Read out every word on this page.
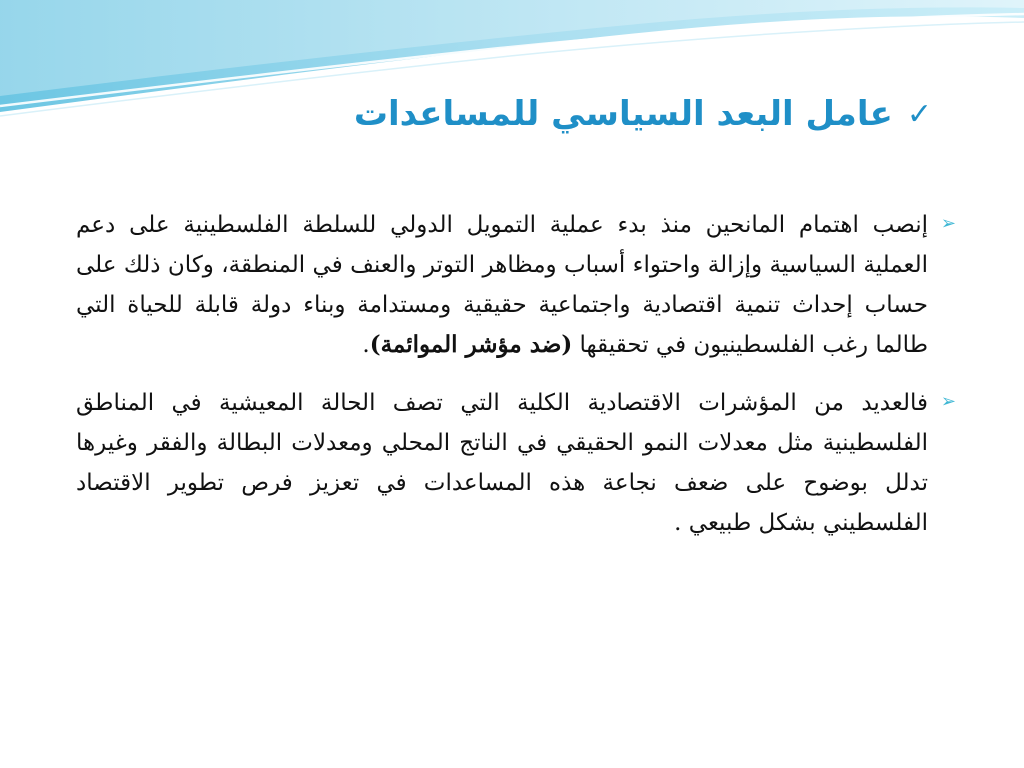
✓
عامل البعد السياسي للمساعدات
➢
إنصب اهتمام المانحين منذ بدء عملية التمويل الدولي للسلطة الفلسطينية على دعم العملية السياسية وإزالة واحتواء أسباب ومظاهر التوتر والعنف في المنطقة، وكان ذلك على حساب إحداث تنمية اقتصادية واجتماعية حقيقية ومستدامة وبناء دولة قابلة للحياة التي طالما رغب الفلسطينيون في تحقيقها (ضد مؤشر الموائمة).
➢
فالعديد من المؤشرات الاقتصادية الكلية التي تصف الحالة المعيشية في المناطق الفلسطينية مثل معدلات النمو الحقيقي في الناتج المحلي ومعدلات البطالة والفقر وغيرها تدلل بوضوح على ضعف نجاعة هذه المساعدات في تعزيز فرص تطوير الاقتصاد الفلسطيني بشكل طبيعي .
